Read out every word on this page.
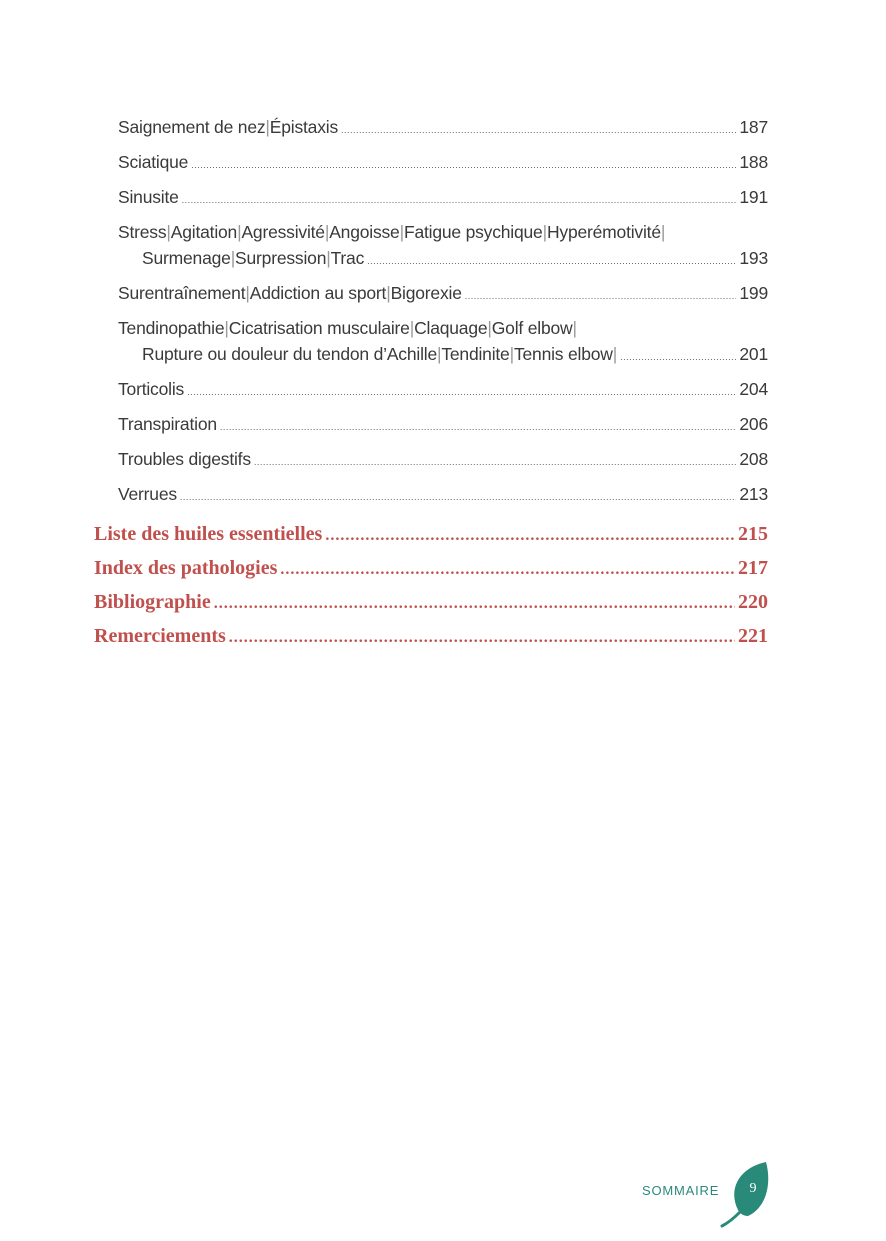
Saignement de nez|Épistaxis .....	187
Sciatique .....	188
Sinusite .....	191
Stress|Agitation|Agressivité|Angoisse|Fatigue psychique|Hyperémotivité|
Surmenage|Surpression|Trac .....	193
Surentraînement|Addiction au sport|Bigorexie .....	199
Tendinopathie|Cicatrisation musculaire|Claquage|Golf elbow|
Rupture ou douleur du tendon d’Achille|Tendinite|Tennis elbow| .....	201
Torticolis .....	204
Transpiration .....	206
Troubles digestifs .....	208
Verrues .....	213
Liste des huiles essentielles .....	215
Index des pathologies .....	217
Bibliographie .....	220
Remerciements .....	221
SOMMAIRE	9
